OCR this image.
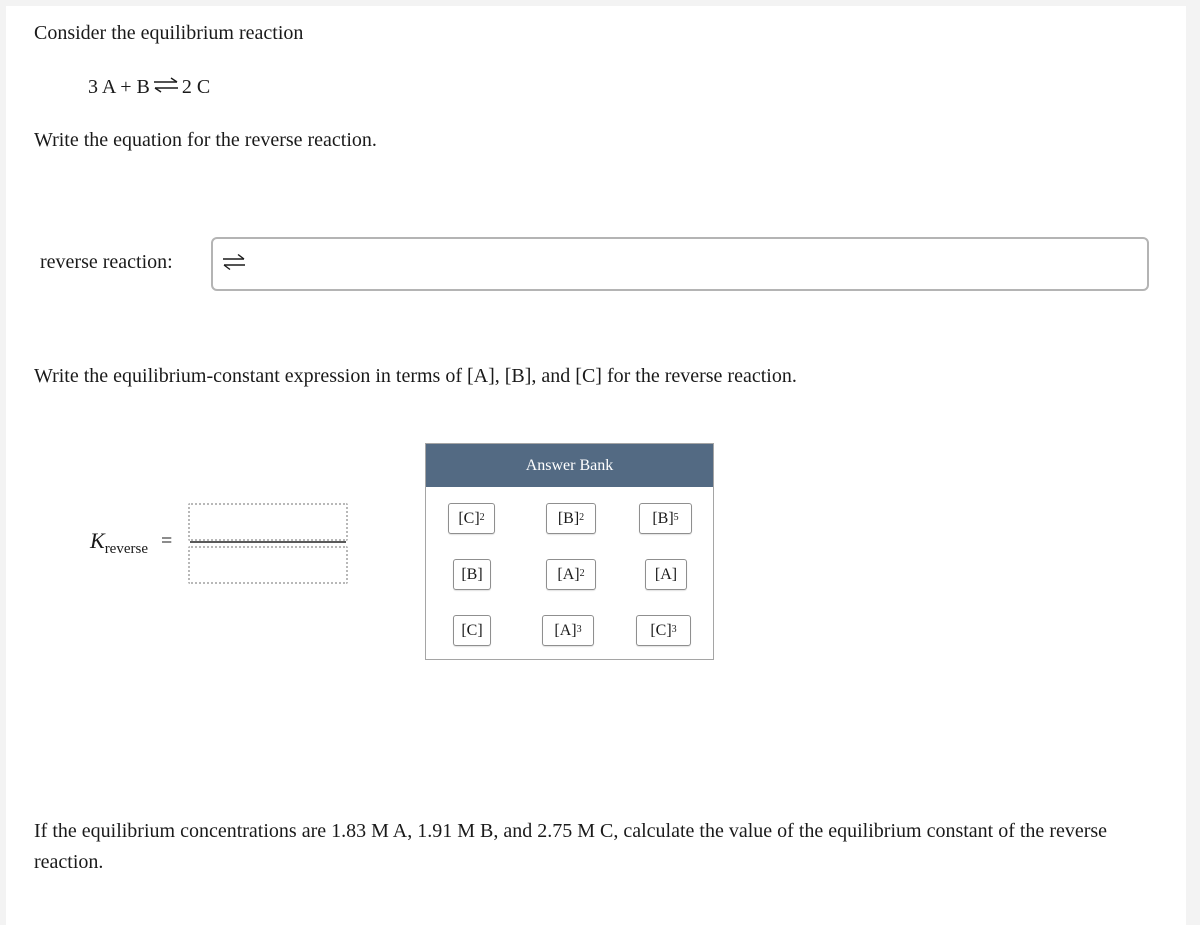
Consider the equilibrium reaction
3 A + B ⇌ 2 C
Write the equation for the reverse reaction.
reverse reaction:
Write the equilibrium-constant expression in terms of [A], [B], and [C] for the reverse reaction.
$K_{reverse}$ =
Answer Bank
$[C]^2$	$[B]^2$	$[B]^5$
[B]	$[A]^2$	[A]
[C]	$[A]^3$	$[C]^3$
If the equilibrium concentrations are 1.83 M A, 1.91 M B, and 2.75 M C, calculate the value of the equilibrium constant of the reverse reaction.
